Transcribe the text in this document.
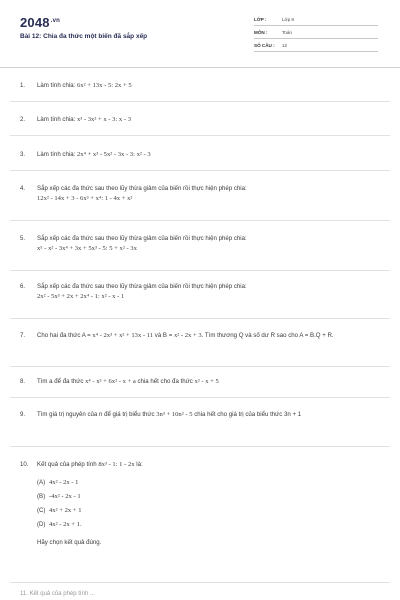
$2048^{.vn}$
Bài 12: Chia đa thức một biến đã sắp xếp
LỚP :	Lớp 8
MÔN :	Toán
SỐ CÂU : 12
1.	Làm tính chia: 6x² + 13x - 5: 2x + 5
2.	Làm tính chia: x³ - 3x² + x - 3: x - 3
3.	Làm tính chia: 2x⁴ + x³ - 5x² - 3x - 3: x² - 3
4.	Sắp xếp các đa thức sau theo lũy thừa giảm của biến rồi thực hiện phép chia:
12x² - 14x + 3 - 6x³ + x⁴: 1 - 4x + x²
5.	Sắp xếp các đa thức sau theo lũy thừa giảm của biến rồi thực hiện phép chia:
x⁵ - x² - 3x⁴ + 3x + 5x³ - 5: 5 + x² - 3x
6.	Sắp xếp các đa thức sau theo lũy thừa giảm của biến rồi thực hiện phép chia:
2x² - 5x³ + 2x + 2x⁴ - 1: x² - x - 1
7.	Cho hai đa thức A = x⁴ - 2x³ + x² + 13x - 11 và B = x² - 2x + 3. Tìm thương Q và số dư R sao cho A = B.Q + R.
8.	Tìm a để đa thức x⁴ - x³ + 6x² - x + a chia hết cho đa thức x² - x + 5
9.	Tìm giá trị nguyên của n để giá trị biểu thức 3n³ + 10n² - 5 chia hết cho giá trị của biểu thức 3n + 1
10.	Kết quả của phép tính 8x³ - 1: 1 - 2x là:
(A) 4x² - 2x - 1
(B) -4x² - 2x - 1
(C) 4x² + 2x + 1
(D) 4x² - 2x + 1.
Hãy chọn kết quả đúng.
11. Kết quả của phép tính ...
